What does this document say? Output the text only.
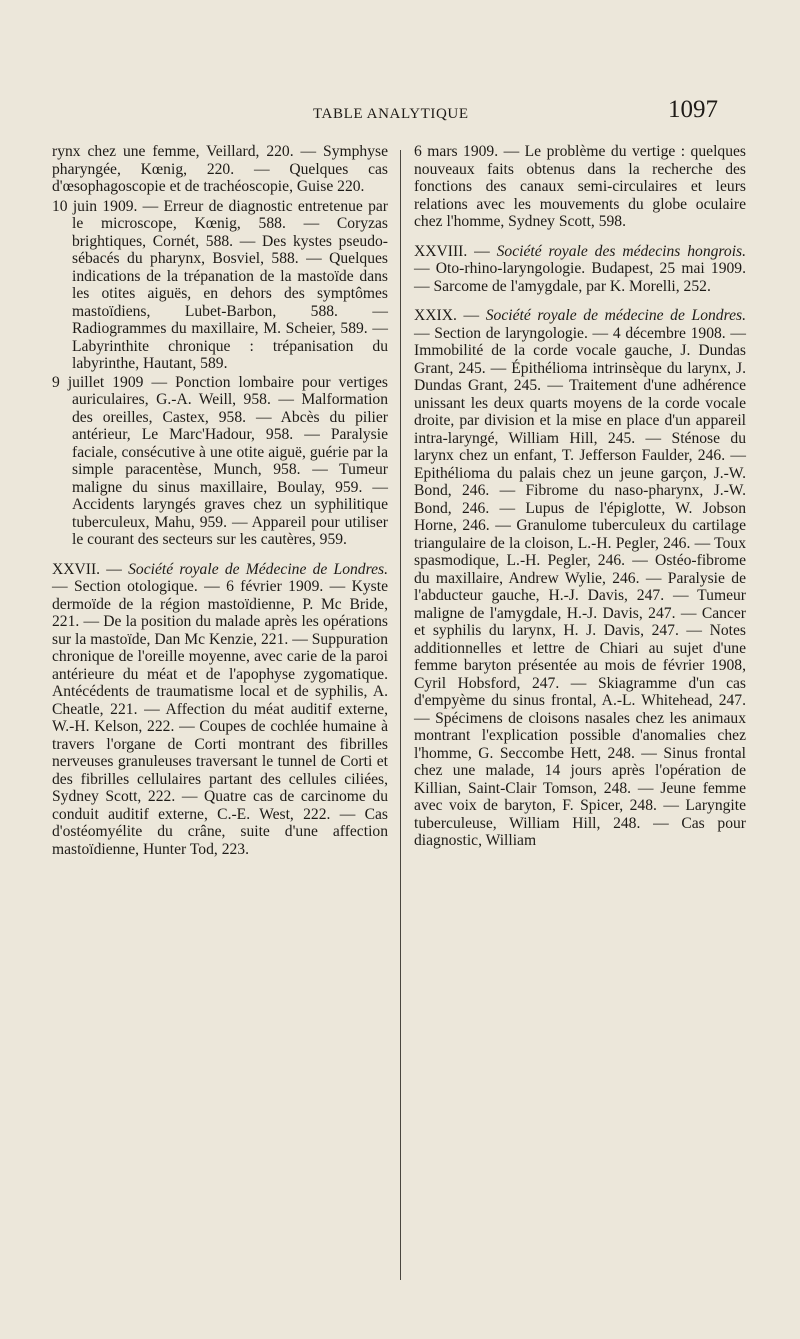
TABLE ANALYTIQUE	1097

rynx chez une femme, Veillard, 220. — Symphyse pharyngée, Kœnig, 220. — Quelques cas d'œsophagoscopie et de trachéoscopie, Guise 220.

10 juin 1909. — Erreur de diagnostic entretenue par le microscope, Kœnig, 588. — Coryzas brightiques, Cornét, 588. — Des kystes pseudo-sébacés du pharynx, Bosviel, 588. — Quelques indications de la trépanation de la mastoïde dans les otites aiguës, en dehors des symptômes mastoïdiens, Lubet-Barbon, 588. — Radiogrammes du maxillaire, M. Scheier, 589. — Labyrinthite chronique : trépanisation du labyrinthe, Hautant, 589.

9 juillet 1909 — Ponction lombaire pour vertiges auriculaires, G.-A. Weill, 958. — Malformation des oreilles, Castex, 958. — Abcès du pilier antérieur, Le Marc'Hadour, 958. — Paralysie faciale, consécutive à une otite aiguë, guérie par la simple paracentèse, Munch, 958. — Tumeur maligne du sinus maxillaire, Boulay, 959. — Accidents laryngés graves chez un syphilitique tuberculeux, Mahu, 959. — Appareil pour utiliser le courant des secteurs sur les cautères, 959.

XXVII. — Société royale de Médecine de Londres. — Section otologique. — 6 février 1909. — Kyste dermoïde de la région mastoïdienne, P. Mc Bride, 221. — De la position du malade après les opérations sur la mastoïde, Dan Mc Kenzie, 221. — Suppuration chronique de l'oreille moyenne, avec carie de la paroi antérieure du méat et de l'apophyse zygomatique. Antécédents de traumatisme local et de syphilis, A. Cheatle, 221. — Affection du méat auditif externe, W.-H. Kelson, 222. — Coupes de cochlée humaine à travers l'organe de Corti montrant des fibrilles nerveuses granuleuses traversant le tunnel de Corti et des fibrilles cellulaires partant des cellules ciliées, Sydney Scott, 222. — Quatre cas de carcinome du conduit auditif externe, C.-E. West, 222. — Cas d'ostéomyélite du crâne, suite d'une affection mastoïdienne, Hunter Tod, 223.

6 mars 1909. — Le problème du vertige : quelques nouveaux faits obtenus dans la recherche des fonctions des canaux semi-circulaires et leurs relations avec les mouvements du globe oculaire chez l'homme, Sydney Scott, 598.

XXVIII. — Société royale des médecins hongrois. — Oto-rhino-laryngologie. Budapest, 25 mai 1909. — Sarcome de l'amygdale, par K. Morelli, 252.

XXIX. — Société royale de médecine de Londres. — Section de laryngologie. — 4 décembre 1908. — Immobilité de la corde vocale gauche, J. Dundas Grant, 245. — Épithélioma intrinsèque du larynx, J. Dundas Grant, 245. — Traitement d'une adhérence unissant les deux quarts moyens de la corde vocale droite, par division et la mise en place d'un appareil intra-laryngé, William Hill, 245. — Sténose du larynx chez un enfant, T. Jefferson Faulder, 246. — Epithélioma du palais chez un jeune garçon, J.-W. Bond, 246. — Fibrome du naso-pharynx, J.-W. Bond, 246. — Lupus de l'épiglotte, W. Jobson Horne, 246. — Granulome tuberculeux du cartilage triangulaire de la cloison, L.-H. Pegler, 246. — Toux spasmodique, L.-H. Pegler, 246. — Ostéo-fibrome du maxillaire, Andrew Wylie, 246. — Paralysie de l'abducteur gauche, H.-J. Davis, 247. — Tumeur maligne de l'amygdale, H.-J. Davis, 247. — Cancer et syphilis du larynx, H. J. Davis, 247. — Notes additionnelles et lettre de Chiari au sujet d'une femme baryton présentée au mois de février 1908, Cyril Hobsford, 247. — Skiagramme d'un cas d'empyème du sinus frontal, A.-L. Whitehead, 247. — Spécimens de cloisons nasales chez les animaux montrant l'explication possible d'anomalies chez l'homme, G. Seccombe Hett, 248. — Sinus frontal chez une malade, 14 jours après l'opération de Killian, Saint-Clair Tomson, 248. — Jeune femme avec voix de baryton, F. Spicer, 248. — Laryngite tuberculeuse, William Hill, 248. — Cas pour diagnostic, William
